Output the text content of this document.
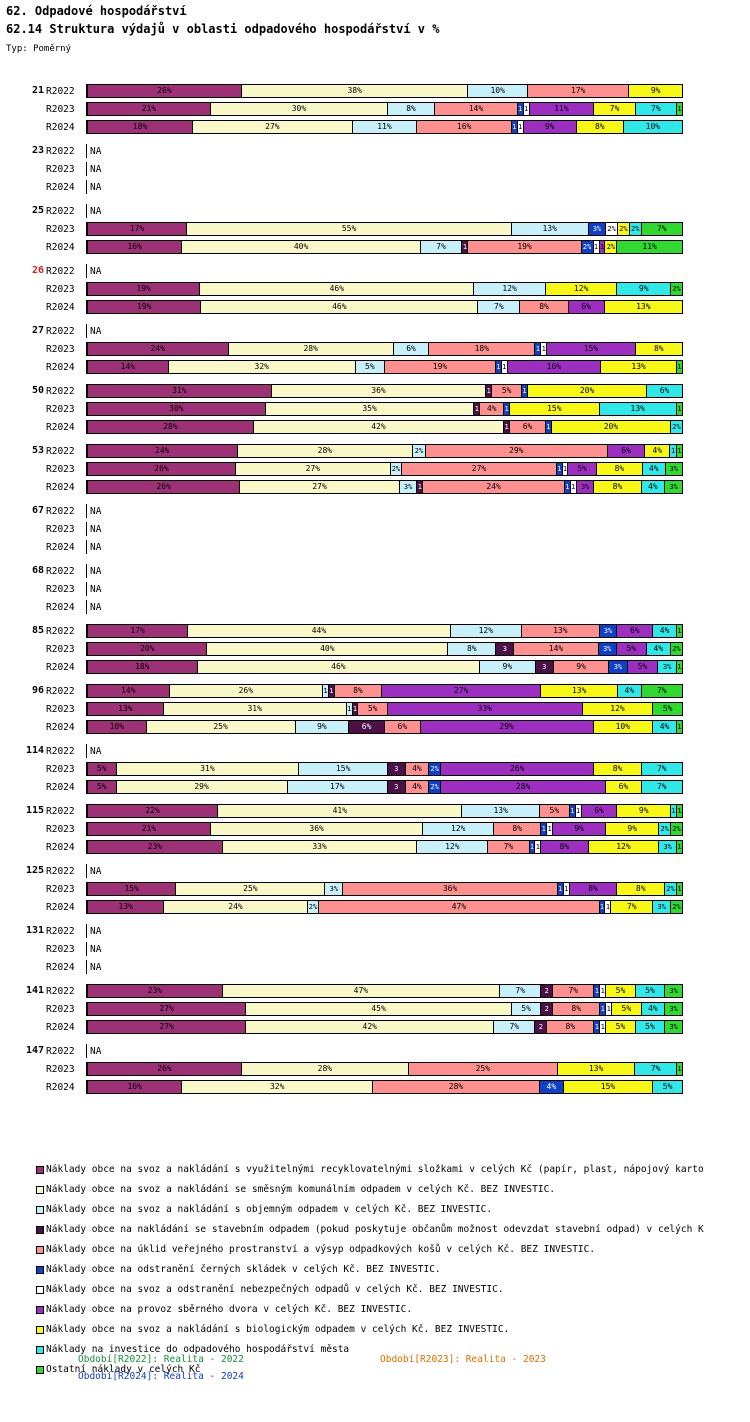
62. Odpadové hospodářství
62.14 Struktura výdajů v oblasti odpadového hospodářství v %
Typ: Poměrný
21 R2022	26%	38%	10%	17%	9%
R2023	21%	30%	8%	14%	1 1	11%	7%	7% 1
R2024	18%	27%	11%	16%	1 1	9%	8%	10%
23 R2022	NA
R2023	NA
R2024	NA
25 R2022	NA
R2023	17%	55%	13%	3% 2% 2% 2% 7%
R2024	16%	40%	7% 1	19%	2% 1 1 2%	11%
26 R2022	NA
R2023	19%	46%	12%	12%	9%	2%
R2024	19%	46%	7%	8%	6%	13%
27 R2022	NA
R2023	24%	28%	6%	18%	1 1	15%	8%
R2024	14%	32%	5%	19%	1 1	16%	13%	1
50 R2022	31%	36%	1 5% 1	20%	6%
R2023	30%	35%	1 4% 1	15%	13%	1
R2024	28%	42%	1 6% 1	20%	2%
53 R2022	24%	28%	2%	29%	6%	4% 1 1
R2023	26%	27%	2%	27%	1 1 5%	8%	4% 3%
R2024	26%	27%	3% 1	24%	1 1 3%	8%	4% 3%
67 R2022	NA
R2023	NA
R2024	NA
68 R2022	NA
R2023	NA
R2024	NA
85 R2022	17%	44%	12%	13%	3% 6%	4% 1
R2023	20%	40%	8%	3	14%	3% 5% 4% 2%
R2024	18%	46%	9%	3	9%	3% 5% 3% 1
96 R2022	14%	26%	1 1 8%	27%	13%	4%	7%
R2023	13%	31%	1 1 5%	33%	12%	5%
R2024	10%	25%	9%	6%	6%	29%	10%	4% 1
114 R2022	NA
R2023	5%	31%	15%	3 4% 2%	26%	8%	7%
R2024	5%	29%	17%	3 4% 2%	28%	6%	7%
115 R2022	22%	41%	13%	5% 1 1 6%	9%	1 1
R2023	21%	36%	12%	8%	1 1	9%	9%	2% 2%
R2024	23%	33%	12%	7% 1 1 8%	12%	3% 1
125 R2022	NA
R2023	15%	25%	3%	36%	1 1 8%	8%	2% 1
R2024	13%	24%	2%	47%	1 1 7%	3% 2%
131 R2022	NA
R2023	NA
R2024	NA
141 R2022	23%	47%	7%	2 7% 1 1 5% 5% 3%
R2023	27%	45%	5% 2	8%	1 1 5% 4% 3%
R2024	27%	42%	7%	2	8%	1 1 5% 5% 3%
147 R2022	NA
R2023	26%	28%	25%	13%	7% 1
R2024	16%	32%	28%	4%	15%	5%
Náklady obce na svoz a nakládání s využitelnými recyklovatelnými složkami v celých Kč (papír, plast, nápojový karto
Náklady obce na svoz a nakládání se směsným komunálním odpadem v celých Kč. BEZ INVESTIC.
Náklady obce na svoz a nakládání s objemným odpadem v celých Kč. BEZ INVESTIC.
Náklady obce na nakládání se stavebním odpadem (pokud poskytuje občanům možnost odevzdat stavební odpad) v celých K
Náklady obce na úklid veřejného prostranství a výsyp odpadkových košů v celých Kč. BEZ INVESTIC.
Náklady obce na odstranění černých skládek v celých Kč. BEZ INVESTIC.
Náklady obce na svoz a odstranění nebezpečných odpadů v celých Kč. BEZ INVESTIC.
Náklady obce na provoz sběrného dvora v celých Kč. BEZ INVESTIC.
Náklady obce na svoz a nakládání s biologickým odpadem v celých Kč. BEZ INVESTIC.
Náklady na investice do odpadového hospodářství města
Ostatní náklady v celých Kč
Období[R2022]: Realita - 2022	Období[R2023]: Realita - 2023
Období[R2024]: Realita - 2024
